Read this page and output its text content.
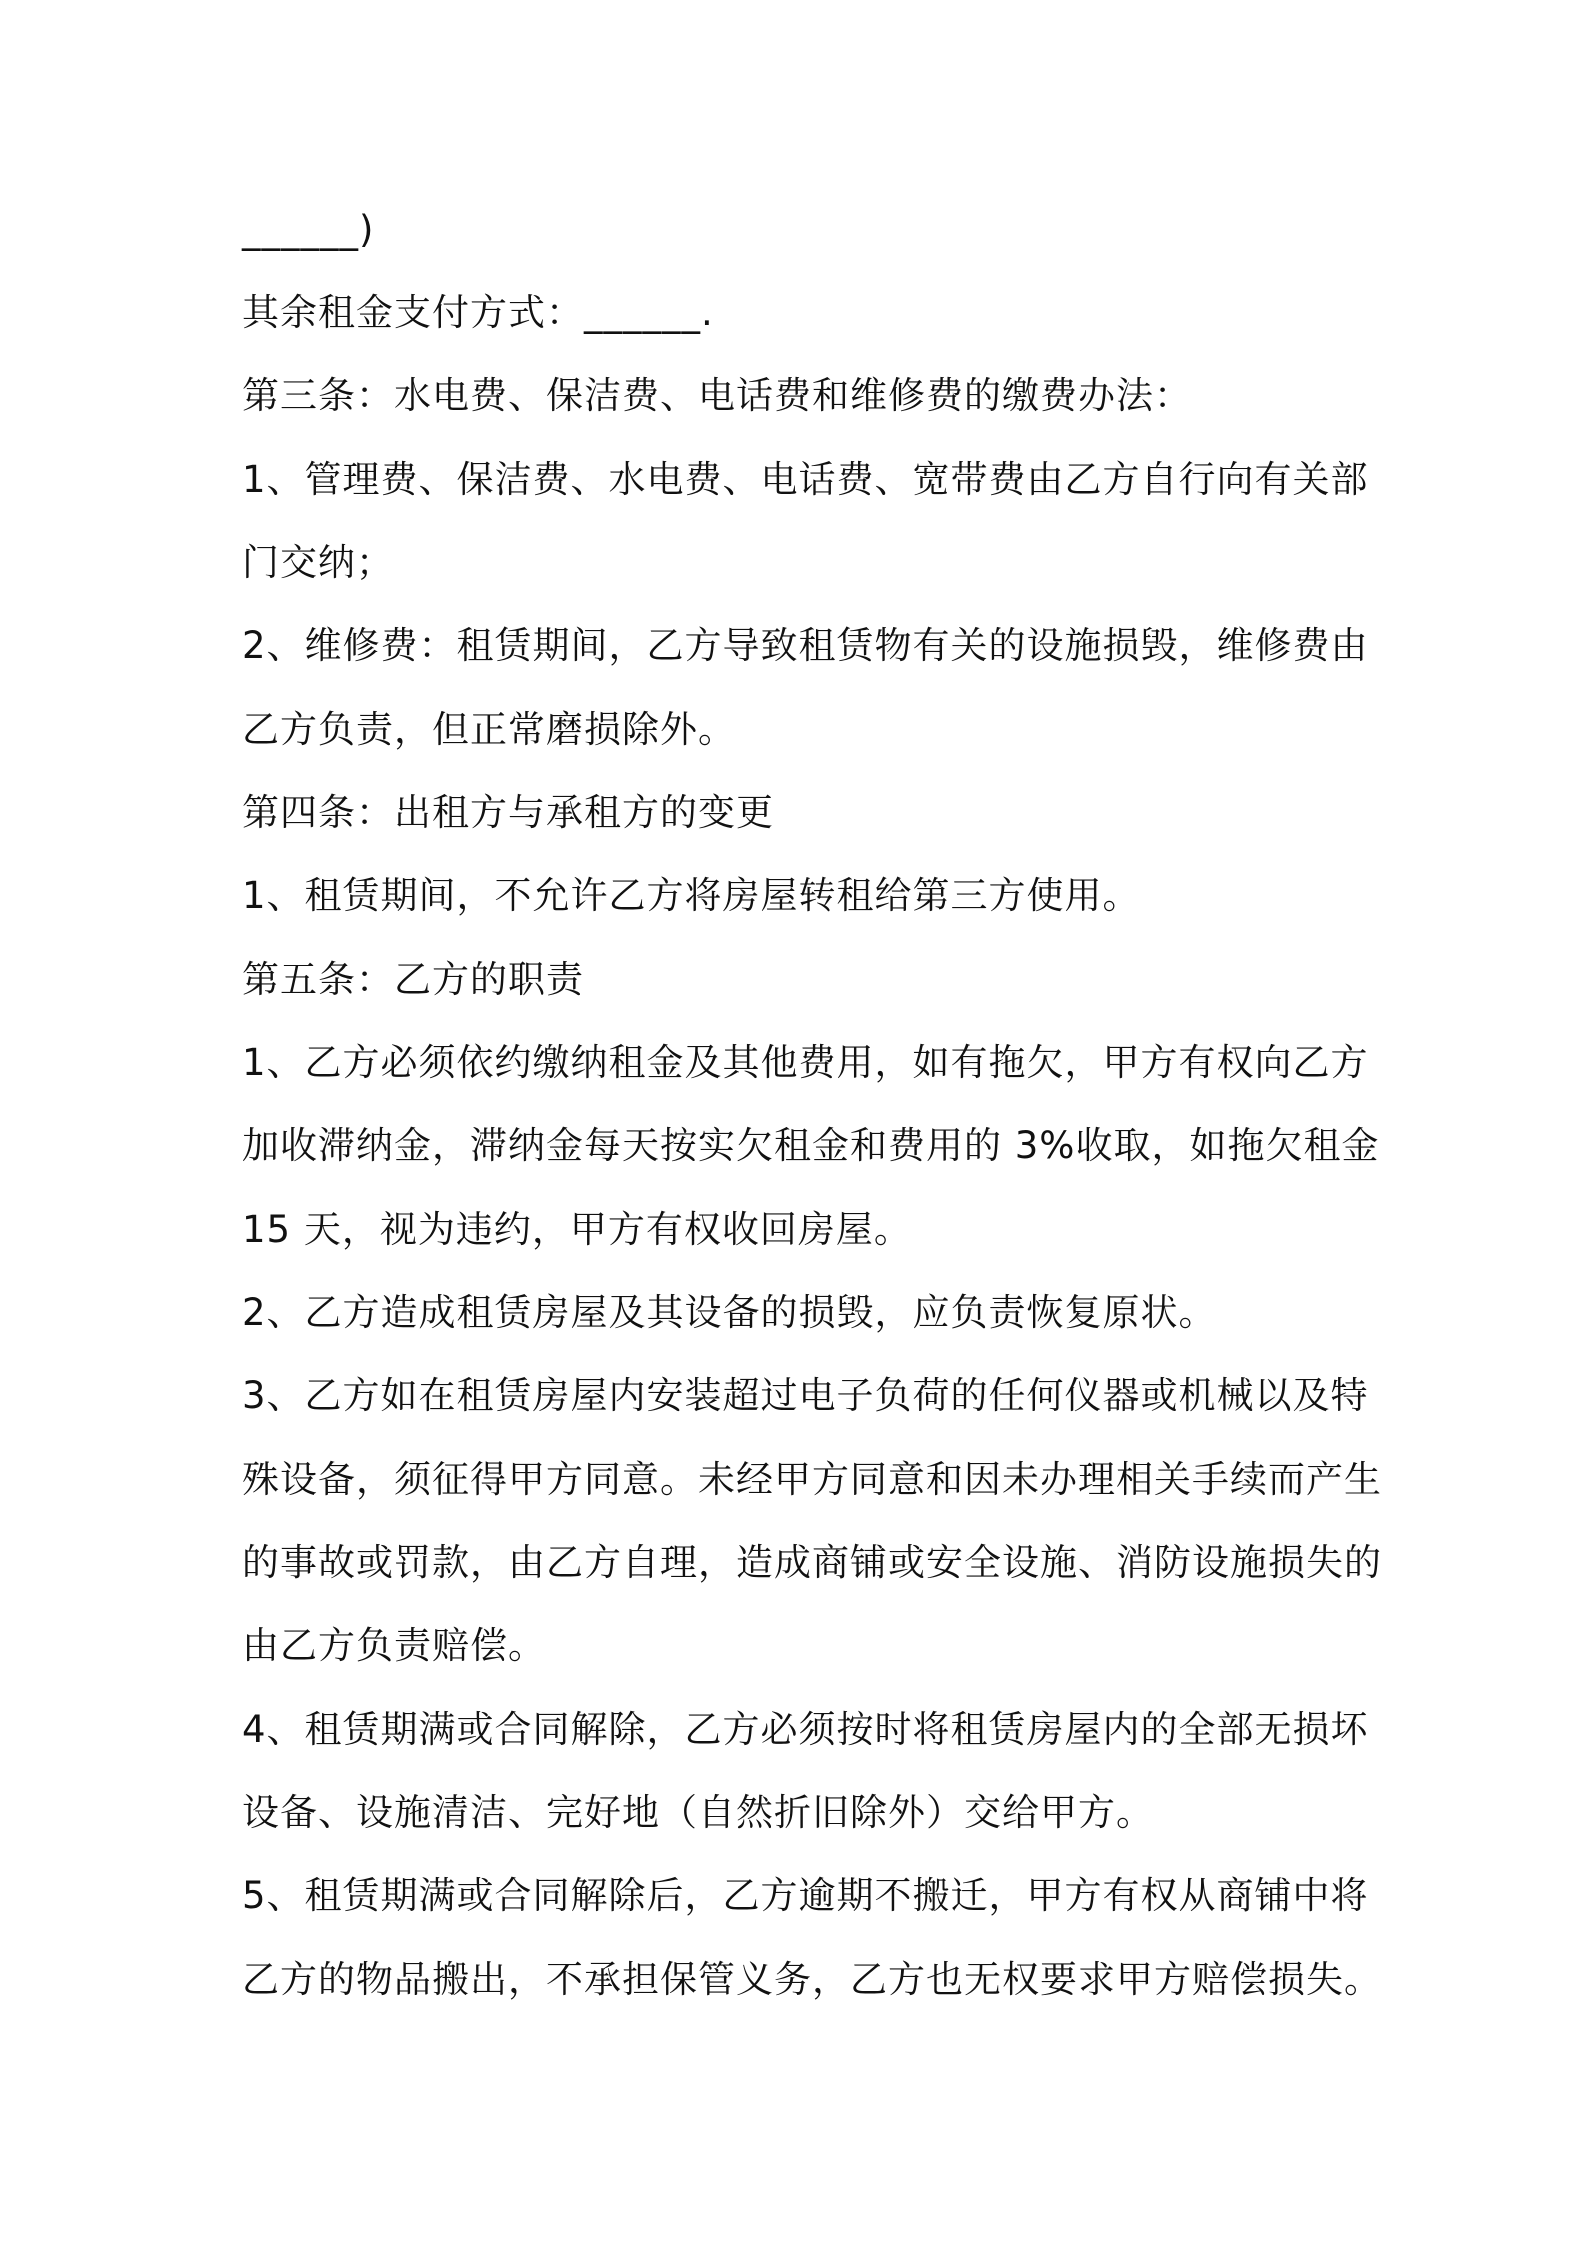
______)

其余租金支付方式：______.

第三条：水电费、保洁费、电话费和维修费的缴费办法：

1、管理费、保洁费、水电费、电话费、宽带费由乙方自行向有关部

门交纳；

2、维修费：租赁期间，乙方导致租赁物有关的设施损毁，维修费由

乙方负责，但正常磨损除外。

第四条：出租方与承租方的变更

1、租赁期间，不允许乙方将房屋转租给第三方使用。

第五条：乙方的职责

1、乙方必须依约缴纳租金及其他费用，如有拖欠，甲方有权向乙方

加收滞纳金，滞纳金每天按实欠租金和费用的 3%收取，如拖欠租金

15 天，视为违约，甲方有权收回房屋。

2、乙方造成租赁房屋及其设备的损毁，应负责恢复原状。

3、乙方如在租赁房屋内安装超过电子负荷的任何仪器或机械以及特

殊设备，须征得甲方同意。未经甲方同意和因未办理相关手续而产生

的事故或罚款，由乙方自理，造成商铺或安全设施、消防设施损失的

由乙方负责赔偿。

4、租赁期满或合同解除，乙方必须按时将租赁房屋内的全部无损坏

设备、设施清洁、完好地（自然折旧除外）交给甲方。

5、租赁期满或合同解除后，乙方逾期不搬迁，甲方有权从商铺中将

乙方的物品搬出，不承担保管义务，乙方也无权要求甲方赔偿损失。
